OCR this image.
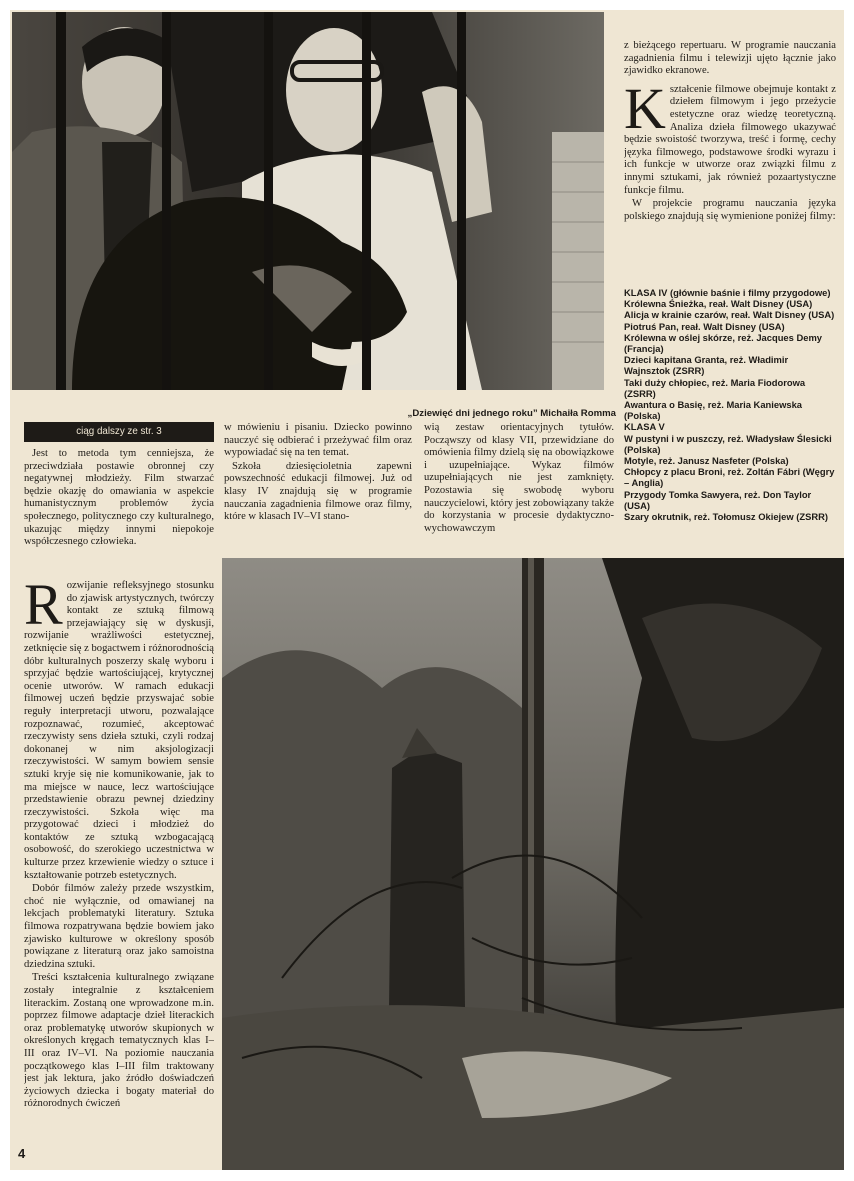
„Dziewięć dni jednego roku” Michaiła Romma
ciąg dalszy ze str. 3

Jest to metoda tym cenniejsza, że przeciwdziała postawie obronnej czy negatywnej młodzieży. Film stwarzać będzie okazję do omawiania w aspekcie humanistycznym problemów życia społecznego, politycznego czy kulturalnego, ukazując między innymi niepokoje współczesnego człowieka.

w mówieniu i pisaniu. Dziecko powinno nauczyć się odbierać i przeżywać film oraz wypowiadać się na ten temat.

Szkoła dziesięcioletnia zapewni powszechność edukacji filmowej. Już od klasy IV znajdują się w programie nauczania zagadnienia filmowe oraz filmy, które w klasach IV–VI stano-

wią zestaw orientacyjnych tytułów. Począwszy od klasy VII, przewidziane do omówienia filmy dzielą się na obowiązkowe i uzupełniające. Wykaz filmów uzupełniających nie jest zamknięty. Pozostawia się swobodę wyboru nauczycielowi, który jest zobowiązany także do korzystania w procesie dydaktyczno-wychowawczym

z bieżącego repertuaru. W programie nauczania zagadnienia filmu i telewizji ujęto łącznie jako zjawidko ekranowe.

Kształcenie filmowe obejmuje kontakt z dziełem filmowym i jego przeżycie estetyczne oraz wiedzę teoretyczną. Analiza dzieła filmowego ukazywać będzie swoistość tworzywa, treść i formę, cechy języka filmowego, podstawowe środki wyrazu i ich funkcje w utworze oraz związki filmu z innymi sztukami, jak również pozaartystyczne funkcje filmu.

W projekcie programu nauczania języka polskiego znajdują się wymienione poniżej filmy:

KLASA IV (głównie baśnie i filmy przygodowe)
Królewna Śnieżka, reał. Walt Disney (USA)
Alicja w krainie czarów, reał. Walt Disney (USA)
Piotruś Pan, reał. Walt Disney (USA)
Królewna w oślej skórze, reż. Jacques Demy (Francja)
Dzieci kapitana Granta, reż. Władimir Wajnsztok (ZSRR)
Taki duży chłopiec, reż. Maria Fiodorowa (ZSRR)
Awantura o Basię, reż. Maria Kaniewska (Polska)
KLASA V
W pustyni i w puszczy, reż. Władysław Ślesicki (Polska)
Motyle, reż. Janusz Nasfeter (Polska)
Chłopcy z placu Broni, reż. Zoltán Fábri (Węgry – Anglia)
Przygody Tomka Sawyera, reż. Don Taylor (USA)
Szary okrutnik, reż. Tołomusz Okiejew (ZSRR)

Rozwijanie refleksyjnego stosunku do zjawisk artystycznych, twórczy kontakt ze sztuką filmową przejawiający się w dyskusji, rozwijanie wrażliwości estetycznej, zetknięcie się z bogactwem i różnorodnością dóbr kulturalnych poszerzy skalę wyboru i sprzyjać będzie wartościującej, krytycznej ocenie utworów. W ramach edukacji filmowej uczeń będzie przyswajać sobie reguły interpretacji utworu, pozwalające rozpoznawać, rozumieć, akceptować rzeczywisty sens dzieła sztuki, czyli rodzaj dokonanej w nim aksjologizacji rzeczywistości. W samym bowiem sensie sztuki kryje się nie komunikowanie, jak to ma miejsce w nauce, lecz wartościujące przedstawienie obrazu pewnej dziedziny rzeczywistości. Szkoła więc ma przygotować dzieci i młodzież do kontaktów ze sztuką wzbogacającą osobowość, do szerokiego uczestnictwa w kulturze przez krzewienie wiedzy o sztuce i kształtowanie potrzeb estetycznych.

Dobór filmów zależy przede wszystkim, choć nie wyłącznie, od omawianej na lekcjach problematyki literatury. Sztuka filmowa rozpatrywana będzie bowiem jako zjawisko kulturowe w określony sposób powiązane z literaturą oraz jako samoistna dziedzina sztuki.

Treści kształcenia kulturalnego związane zostały integralnie z kształceniem literackim. Zostaną one wprowadzone m.in. poprzez filmowe adaptacje dzieł literackich oraz problematykę utworów skupionych w określonych kręgach tematycznych klas I–III oraz IV–VI. Na poziomie nauczania początkowego klas I–III film traktowany jest jak lektura, jako źródło doświadczeń życiowych dziecka i bogaty materiał do różnorodnych ćwiczeń

4
